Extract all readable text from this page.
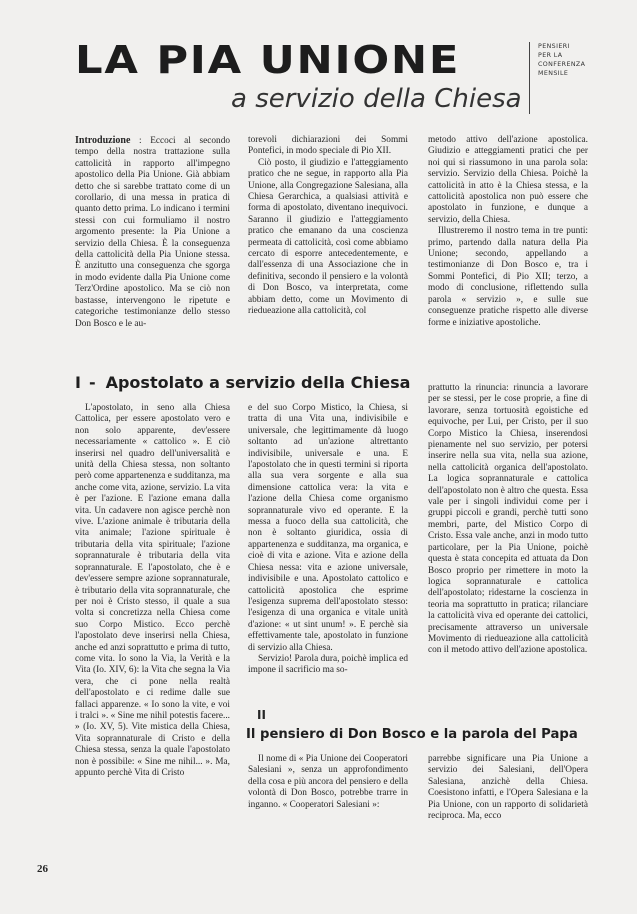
LA PIA UNIONE
a servizio della Chiesa
PENSIERI
PER LA
CONFERENZA
MENSILE

Introduzione : Eccoci al secondo tempo della nostra trattazione sulla cattolicità in rapporto all'impegno apostolico della Pia Unione. Già abbiam detto che si sarebbe trattato come di un corollario, di una messa in pratica di quanto detto prima. Lo indicano i termini stessi con cui formuliamo il nostro argomento presente: la Pia Unione a servizio della Chiesa. È la conseguenza della cattolicità della Pia Unione stessa. È anzitutto una conseguenza che sgorga in modo evidente dalla Pia Unione come Terz'Ordine apostolico. Ma se ciò non bastasse, intervengono le ripetute e categoriche testimonianze dello stesso Don Bosco e le au-

torevoli dichiarazioni dei Sommi Pontefici, in modo speciale di Pio XII.

Ciò posto, il giudizio e l'atteggiamento pratico che ne segue, in rapporto alla Pia Unione, alla Congregazione Salesiana, alla Chiesa Gerarchica, a qualsiasi attività e forma di apostolato, diventano inequivoci. Saranno il giudizio e l'atteggiamento pratico che emanano da una coscienza permeata di cattolicità, così come abbiamo cercato di esporre antecedentemente, e dall'essenza di una Associazione che in definitiva, secondo il pensiero e la volontà di Don Bosco, va interpretata, come abbiam detto, come un Movimento di riedueazione alla cattolicità, col

metodo attivo dell'azione apostolica. Giudizio e atteggiamenti pratici che per noi qui si riassumono in una parola sola: servizio. Servizio della Chiesa. Poichè la cattolicità in atto è la Chiesa stessa, e la cattolicità apostolica non può essere che apostolato in funzione, e dunque a servizio, della Chiesa.

Illustreremo il nostro tema in tre punti: primo, partendo dalla natura della Pia Unione; secondo, appellando a testimonianze di Don Bosco e, tra i Sommi Pontefici, di Pio XII; terzo, a modo di conclusione, riflettendo sulla parola « servizio », e sulle sue conseguenze pratiche rispetto alle diverse forme e iniziative apostoliche.

I - Apostolato a servizio della Chiesa

L'apostolato, in seno alla Chiesa Cattolica, per essere apostolato vero e non solo apparente, dev'essere necessariamente « cattolico ». E ciò inserirsi nel quadro dell'universalità e unità della Chiesa stessa, non soltanto però come appartenenza e sudditanza, ma anche come vita, azione, servizio. La vita è per l'azione. E l'azione emana dalla vita. Un cadavere non agisce perchè non vive. L'azione animale è tributaria della vita animale; l'azione spirituale è tributaria della vita spirituale; l'azione soprannaturale è tributaria della vita soprannaturale. E l'apostolato, che è e dev'essere sempre azione soprannaturale, è tributario della vita soprannaturale, che per noi è Cristo stesso, il quale a sua volta si concretizza nella Chiesa come suo Corpo Mistico. Ecco perchè l'apostolato deve inserirsi nella Chiesa, anche ed anzi soprattutto e prima di tutto, come vita. Io sono la Via, la Verità e la Vita (Io. XIV, 6): la Vita che segna la Via vera, che ci pone nella realtà dell'apostolato e ci redime dalle sue fallaci apparenze. « Io sono la vite, e voi i tralci ». « Sine me nihil potestis facere... » (Io. XV, 5). Vite mistica della Chiesa, Vita soprannaturale di Cristo e della Chiesa stessa, senza la quale l'apostolato non è possibile: « Sine me nihil... ». Ma, appunto perchè Vita di Cristo

e del suo Corpo Mistico, la Chiesa, si tratta di una Vita una, indivisibile e universale, che legittimamente dà luogo soltanto ad un'azione altrettanto indivisibile, universale e una. E l'apostolato che in questi termini si riporta alla sua vera sorgente e alla sua dimensione cattolica vera: la vita e l'azione della Chiesa come organismo soprannaturale vivo ed operante. E la messa a fuoco della sua cattolicità, che non è soltanto giuridica, ossia di appartenenza e sudditanza, ma organica, e cioè di vita e azione. Vita e azione della Chiesa nessa: vita e azione universale, indivisibile e una. Apostolato cattolico e cattolicità apostolica che esprime l'esigenza suprema dell'apostolato stesso: l'esigenza di una organica e vitale unità d'azione: « ut sint unum! ». E perchè sia effettivamente tale, apostolato in funzione di servizio alla Chiesa.

Servizio! Parola dura, poichè implica ed impone il sacrificio ma so-

prattutto la rinuncia: rinuncia a lavorare per se stessi, per le cose proprie, a fine di lavorare, senza tortuosità egoistiche ed equivoche, per Lui, per Cristo, per il suo Corpo Mistico la Chiesa, inserendosi pienamente nel suo servizio, per potersi inserire nella sua vita, nella sua azione, nella cattolicità organica dell'apostolato. La logica soprannaturale e cattolica dell'apostolato non è altro che questa. Essa vale per i singoli individui come per i gruppi piccoli e grandi, perchè tutti sono membri, parte, del Mistico Corpo di Cristo. Essa vale anche, anzi in modo tutto particolare, per la Pia Unione, poichè questa è stata concepita ed attuata da Don Bosco proprio per rimettere in moto la logica soprannaturale e cattolica dell'apostolato; ridestarne la coscienza in teoria ma soprattutto in pratica; rilanciare la cattolicità viva ed operante dei cattolici, precisamente attraverso un universale Movimento di riedueazione alla cattolicità con il metodo attivo dell'azione apostolica.

II
Il pensiero di Don Bosco e la parola del Papa

Il nome di « Pia Unione dei Cooperatori Salesiani », senza un approfondimento della cosa e più ancora del pensiero e della volontà di Don Bosco, potrebbe trarre in inganno. « Cooperatori Salesiani »:

parrebbe significare una Pia Unione a servizio dei Salesiani, dell'Opera Salesiana, anzichè della Chiesa. Coesistono infatti, e l'Opera Salesiana e la Pia Unione, con un rapporto di solidarietà reciproca. Ma, ecco

26
